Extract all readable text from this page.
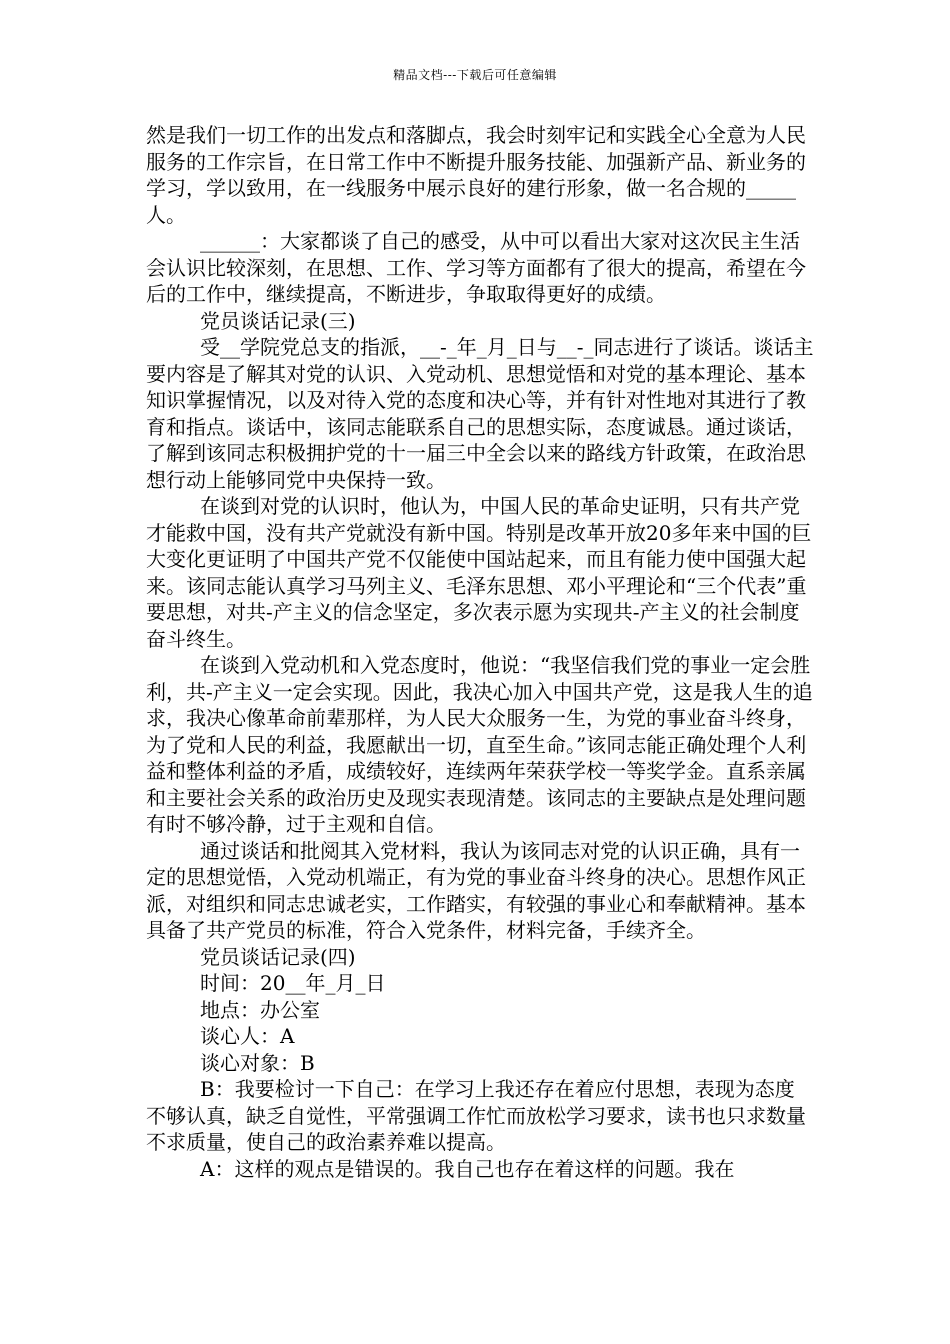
精品文档---下载后可任意编辑

然是我们一切工作的出发点和落脚点，我会时刻牢记和实践全心全意为人民服务的工作宗旨，在日常工作中不断提升服务技能、加强新产品、新业务的学习，学以致用，在一线服务中展示良好的建行形象，做一名合规的_____人。

______：大家都谈了自己的感受，从中可以看出大家对这次民主生活会认识比较深刻，在思想、工作、学习等方面都有了很大的提高，希望在今后的工作中，继续提高，不断进步，争取取得更好的成绩。

党员谈话记录(三)

受__学院党总支的指派，__-_年_月_日与__-_同志进行了谈话。谈话主要内容是了解其对党的认识、入党动机、思想觉悟和对党的基本理论、基本知识掌握情况，以及对待入党的态度和决心等，并有针对性地对其进行了教育和指点。谈话中，该同志能联系自己的思想实际，态度诚恳。通过谈话，了解到该同志积极拥护党的十一届三中全会以来的路线方针政策，在政治思想行动上能够同党中央保持一致。

在谈到对党的认识时，他认为，中国人民的革命史证明，只有共产党才能救中国，没有共产党就没有新中国。特别是改革开放20多年来中国的巨大变化更证明了中国共产党不仅能使中国站起来，而且有能力使中国强大起来。该同志能认真学习马列主义、毛泽东思想、邓小平理论和“三个代表”重要思想，对共-产主义的信念坚定，多次表示愿为实现共-产主义的社会制度奋斗终生。

在谈到入党动机和入党态度时，他说：“我坚信我们党的事业一定会胜利，共-产主义一定会实现。因此，我决心加入中国共产党，这是我人生的追求，我决心像革命前辈那样，为人民大众服务一生，为党的事业奋斗终身，为了党和人民的利益，我愿献出一切，直至生命。”该同志能正确处理个人利益和整体利益的矛盾，成绩较好，连续两年荣获学校一等奖学金。直系亲属和主要社会关系的政治历史及现实表现清楚。该同志的主要缺点是处理问题有时不够冷静，过于主观和自信。

通过谈话和批阅其入党材料，我认为该同志对党的认识正确，具有一定的思想觉悟，入党动机端正，有为党的事业奋斗终身的决心。思想作风正派，对组织和同志忠诚老实，工作踏实，有较强的事业心和奉献精神。基本具备了共产党员的标准，符合入党条件，材料完备，手续齐全。

党员谈话记录(四)

时间：20__年_月_日

地点：办公室

谈心人：A

谈心对象：B

B：我要检讨一下自己：在学习上我还存在着应付思想，表现为态度不够认真，缺乏自觉性，平常强调工作忙而放松学习要求，读书也只求数量不求质量，使自己的政治素养难以提高。

A：这样的观点是错误的。我自己也存在着这样的问题。我在
